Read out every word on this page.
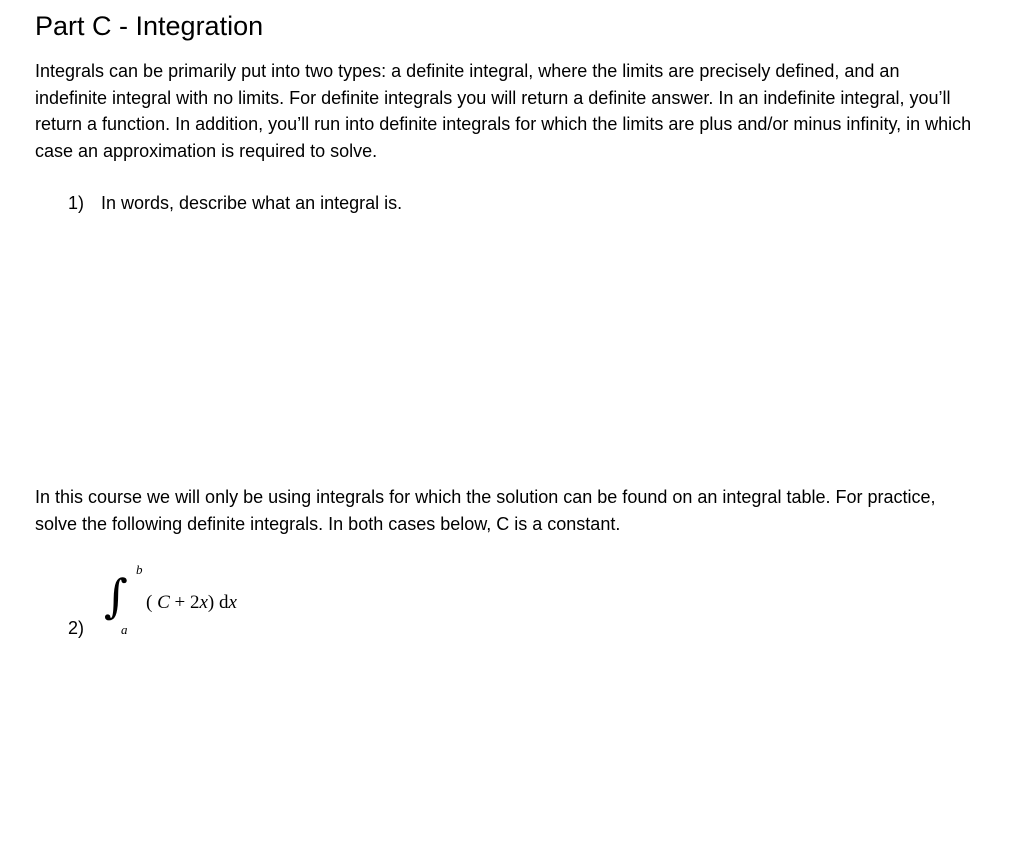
Part C - Integration

Integrals can be primarily put into two types: a definite integral, where the limits are precisely defined, and an indefinite integral with no limits. For definite integrals you will return a definite answer. In an indefinite integral, you’ll return a function. In addition, you’ll run into definite integrals for which the limits are plus and/or minus infinity, in which case an approximation is required to solve.

1) In words, describe what an integral is.

In this course we will only be using integrals for which the solution can be found on an integral table. For practice, solve the following definite integrals. In both cases below, C is a constant.

2)
∫ b
a
( C + 2x) dx
